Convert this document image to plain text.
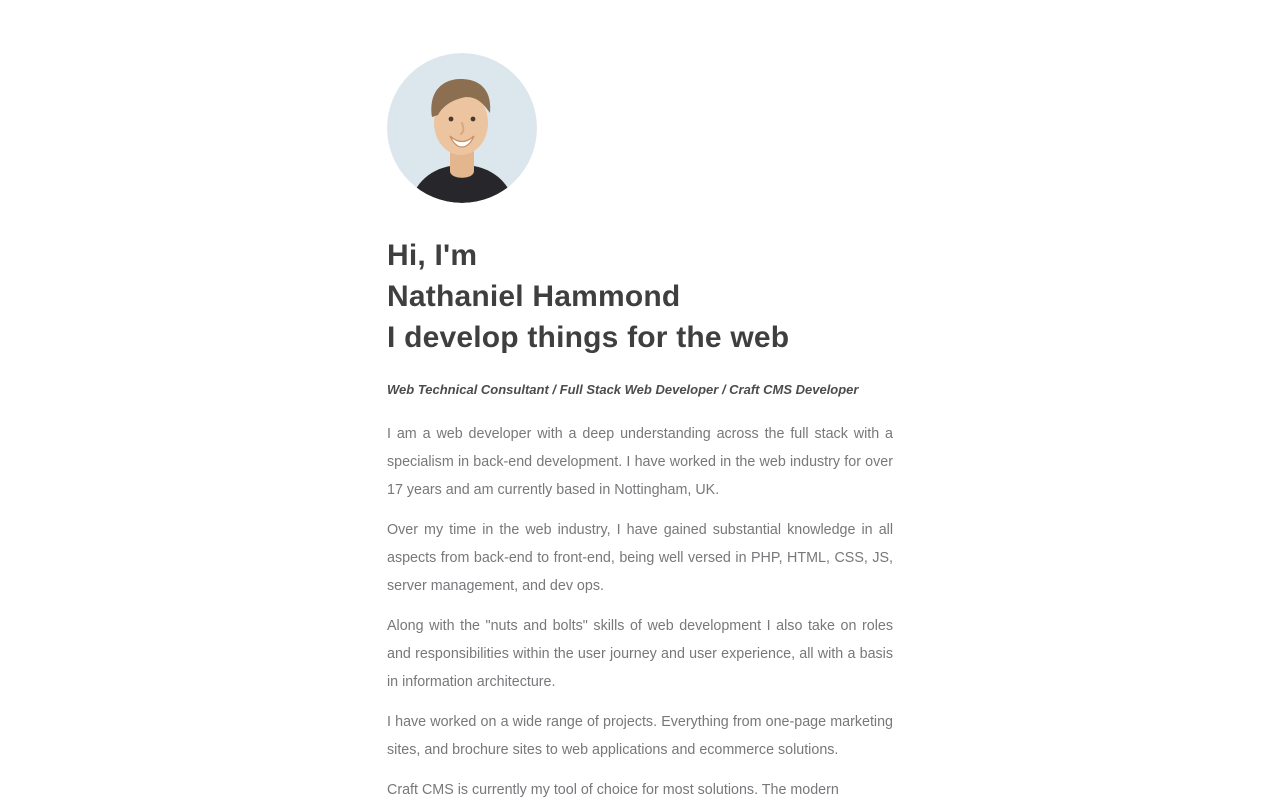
Hi, I'm
Nathaniel Hammond
I develop things for the web

Web Technical Consultant / Full Stack Web Developer / Craft CMS Developer

I am a web developer with a deep understanding across the full stack with a specialism in back-end development. I have worked in the web industry for over 17 years and am currently based in Nottingham, UK.

Over my time in the web industry, I have gained substantial knowledge in all aspects from back-end to front-end, being well versed in PHP, HTML, CSS, JS, server management, and dev ops.

Along with the "nuts and bolts" skills of web development I also take on roles and responsibilities within the user journey and user experience, all with a basis in information architecture.

I have worked on a wide range of projects. Everything from one-page marketing sites, and brochure sites to web applications and ecommerce solutions.

Craft CMS is currently my tool of choice for most solutions. The modern
